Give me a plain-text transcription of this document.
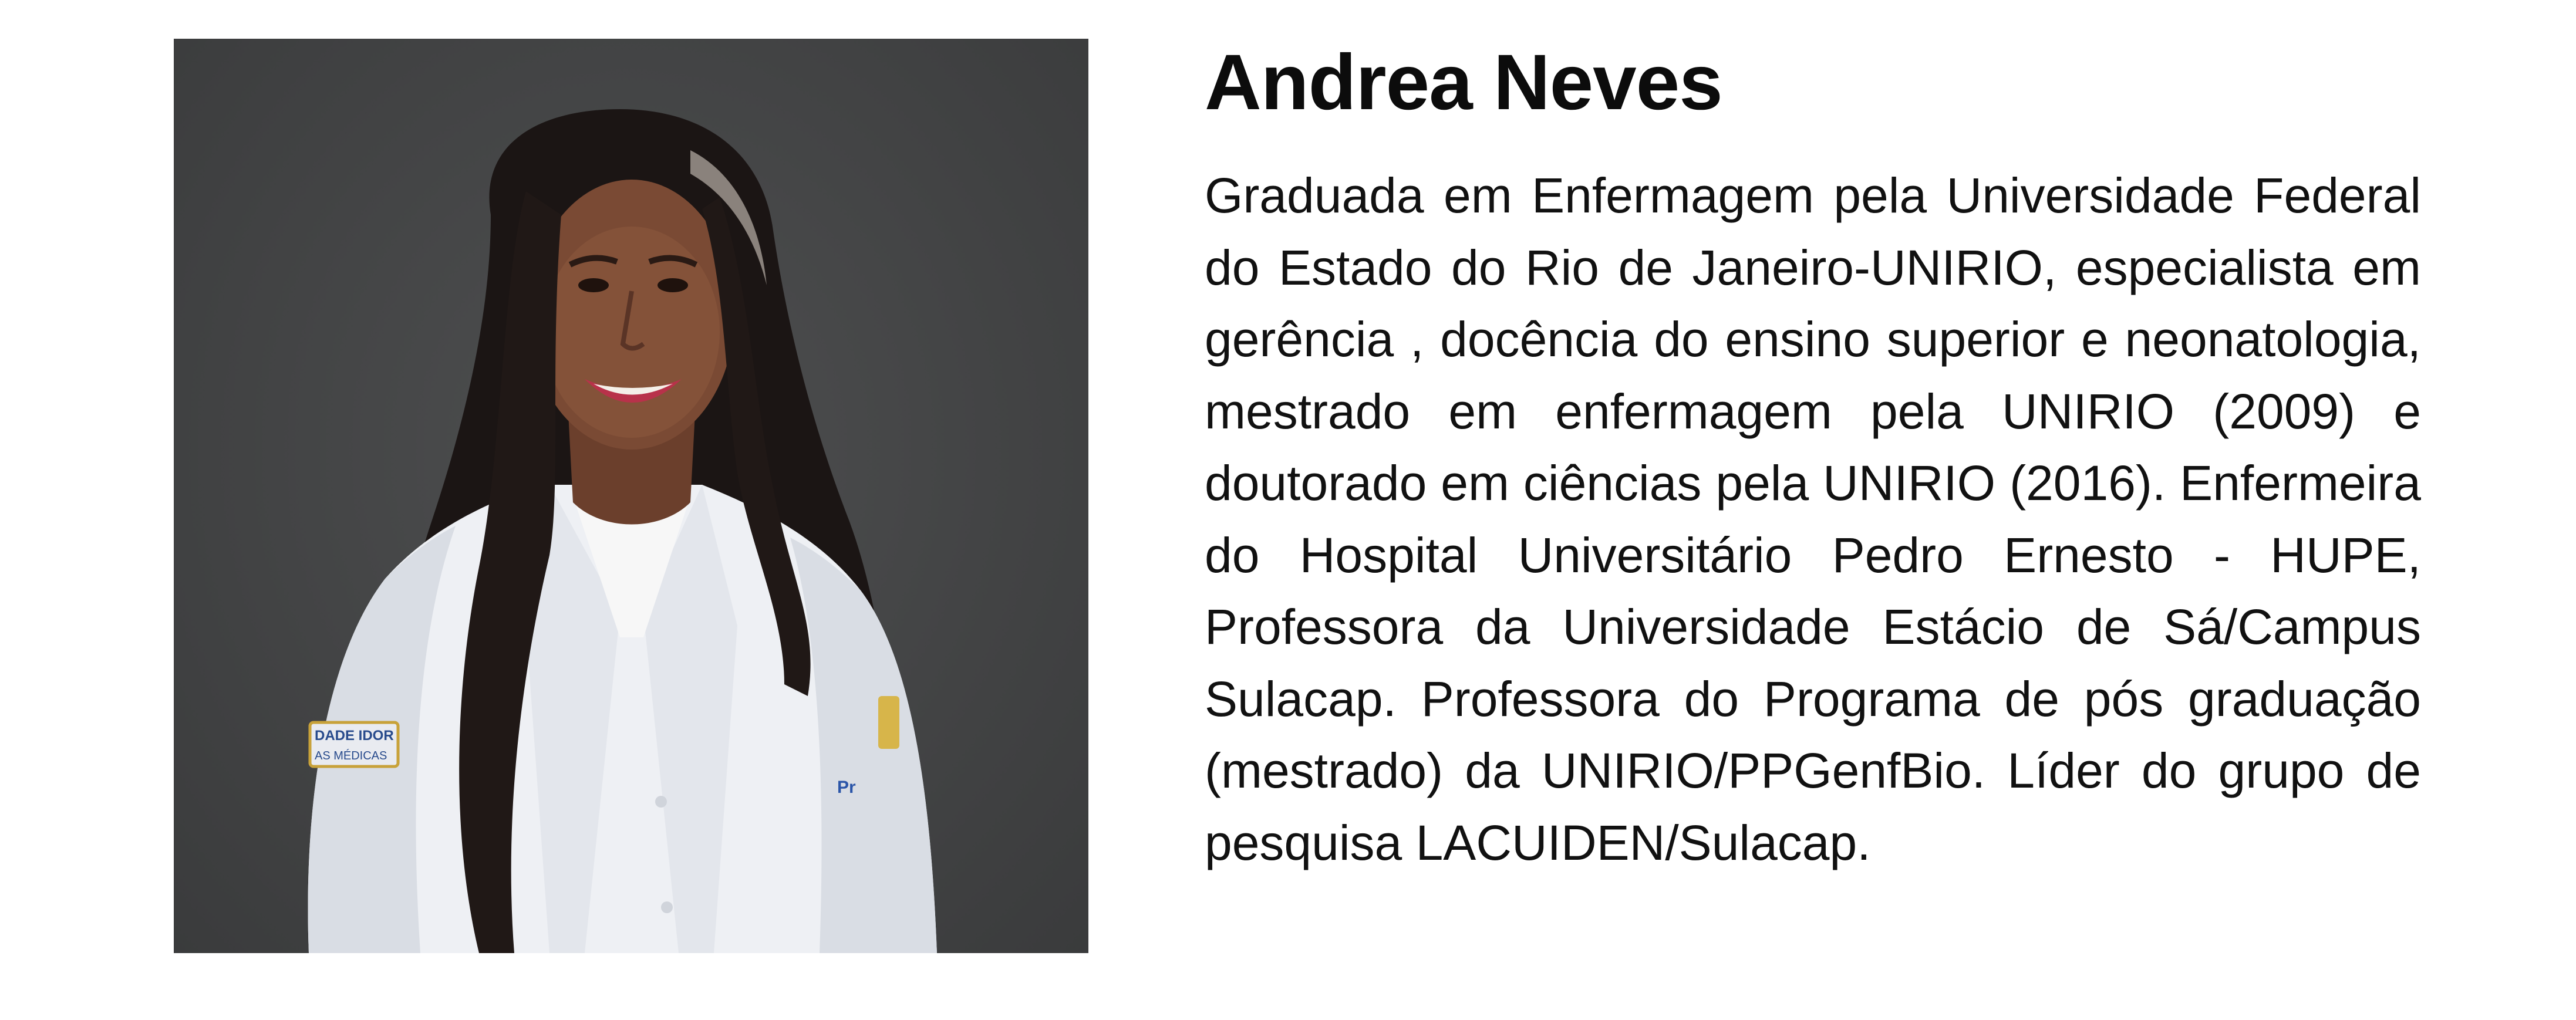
DADE IDOR
AS MÉDICAS
Pr
Andrea Neves

Graduada em Enfermagem pela Universidade Federal do Estado do Rio de Janeiro-UNIRIO, especialista em gerência , docência do ensino superior e neonatologia, mestrado em enfermagem pela UNIRIO (2009) e doutorado em ciências pela UNIRIO (2016). Enfermeira do Hospital Universitário Pedro Ernesto - HUPE, Professora da Universidade Estácio de Sá/Campus Sulacap. Professora do Programa de pós graduação (mestrado) da UNIRIO/PPGenfBio. Líder do grupo de pesquisa LACUIDEN/Sulacap.
